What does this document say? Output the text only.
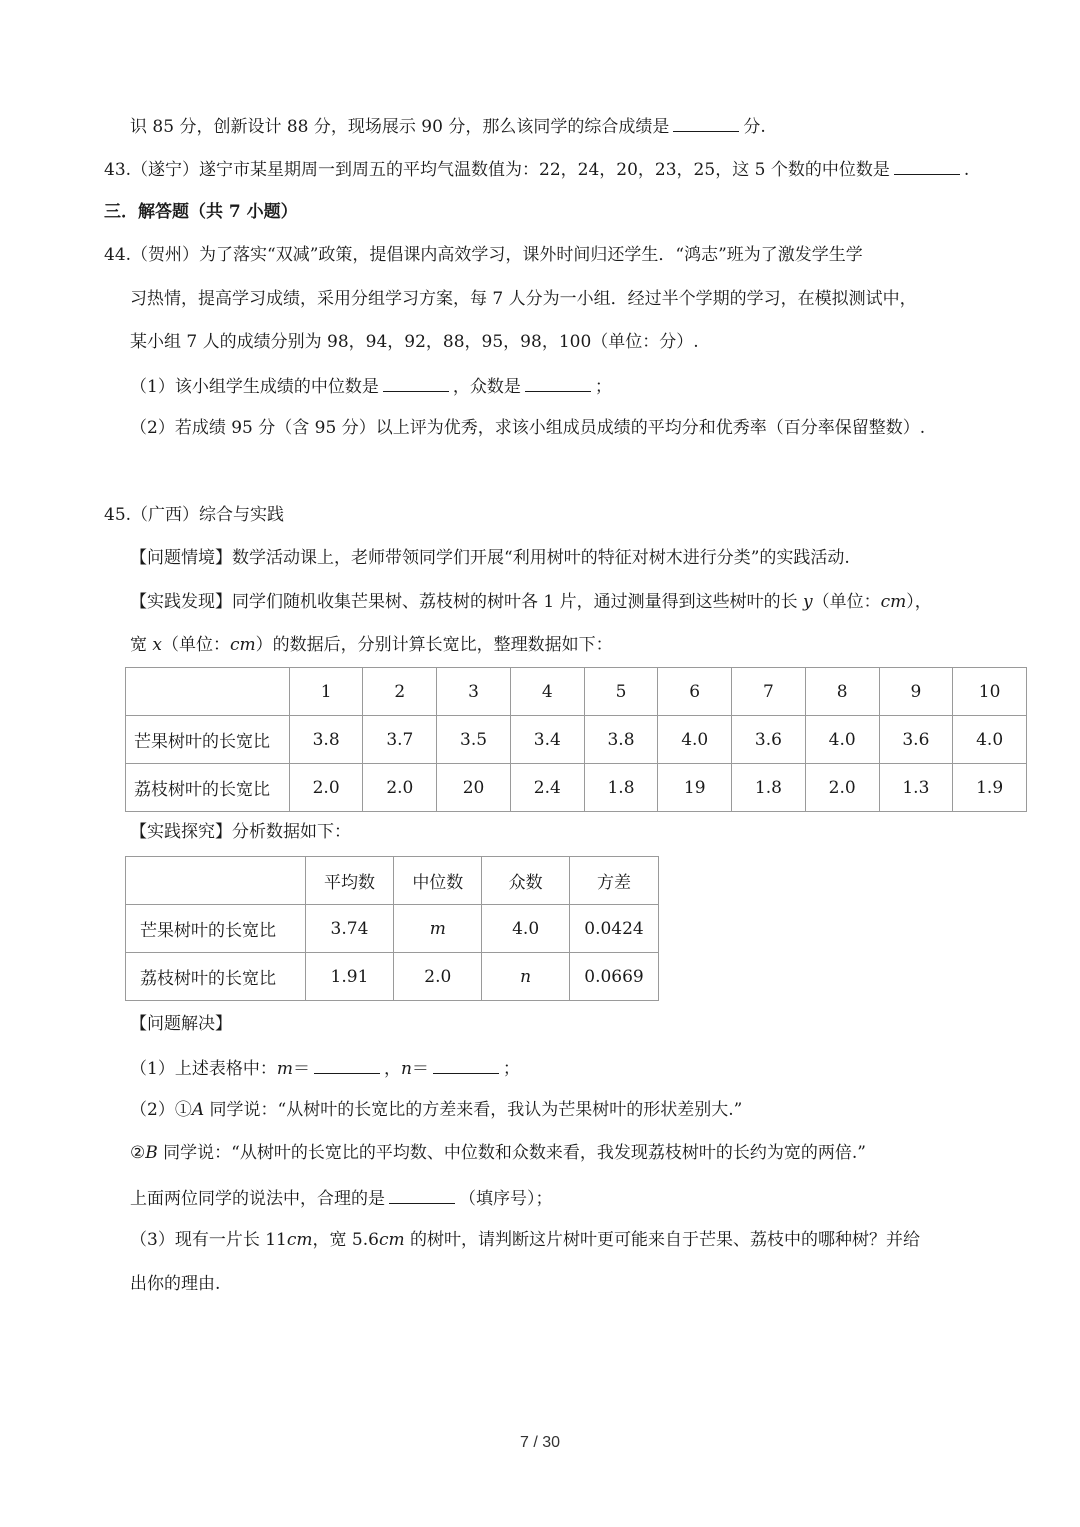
识 85 分，创新设计 88 分，现场展示 90 分，那么该同学的综合成绩是	分.
43.（遂宁）遂宁市某星期周一到周五的平均气温数值为：22，24，20，23，25，这 5 个数的中位数是	.
三．解答题（共 7 小题）
44.（贺州）为了落实“双减”政策，提倡课内高效学习，课外时间归还学生．“鸿志”班为了激发学生学
习热情，提高学习成绩，采用分组学习方案，每 7 人分为一小组．经过半个学期的学习，在模拟测试中，
某小组 7 人的成绩分别为 98，94，92，88，95，98，100（单位：分）.
（1）该小组学生成绩的中位数是	，众数是	；
（2）若成绩 95 分（含 95 分）以上评为优秀，求该小组成员成绩的平均分和优秀率（百分率保留整数）.
45.（广西）综合与实践
【问题情境】数学活动课上，老师带领同学们开展“利用树叶的特征对树木进行分类”的实践活动.
【实践发现】同学们随机收集芒果树、荔枝树的树叶各 1 片，通过测量得到这些树叶的长 y（单位：cm），
宽 x（单位：cm）的数据后，分别计算长宽比，整理数据如下：
	1	2	3	4	5	6	7	8	9	10
芒果树叶的长宽比	3.8	3.7	3.5	3.4	3.8	4.0	3.6	4.0	3.6	4.0
荔枝树叶的长宽比	2.0	2.0	20	2.4	1.8	19	1.8	2.0	1.3	1.9
【实践探究】分析数据如下：
	平均数	中位数	众数	方差
芒果树叶的长宽比	3.74	m	4.0	0.0424
荔枝树叶的长宽比	1.91	2.0	n	0.0669
【问题解决】
（1）上述表格中：m＝	，n＝	；
（2）①A 同学说：“从树叶的长宽比的方差来看，我认为芒果树叶的形状差别大.”
②B 同学说：“从树叶的长宽比的平均数、中位数和众数来看，我发现荔枝树叶的长约为宽的两倍.”
上面两位同学的说法中，合理的是	（填序号）；
（3）现有一片长 11cm，宽 5.6cm 的树叶，请判断这片树叶更可能来自于芒果、荔枝中的哪种树？并给
出你的理由.
7 / 30
